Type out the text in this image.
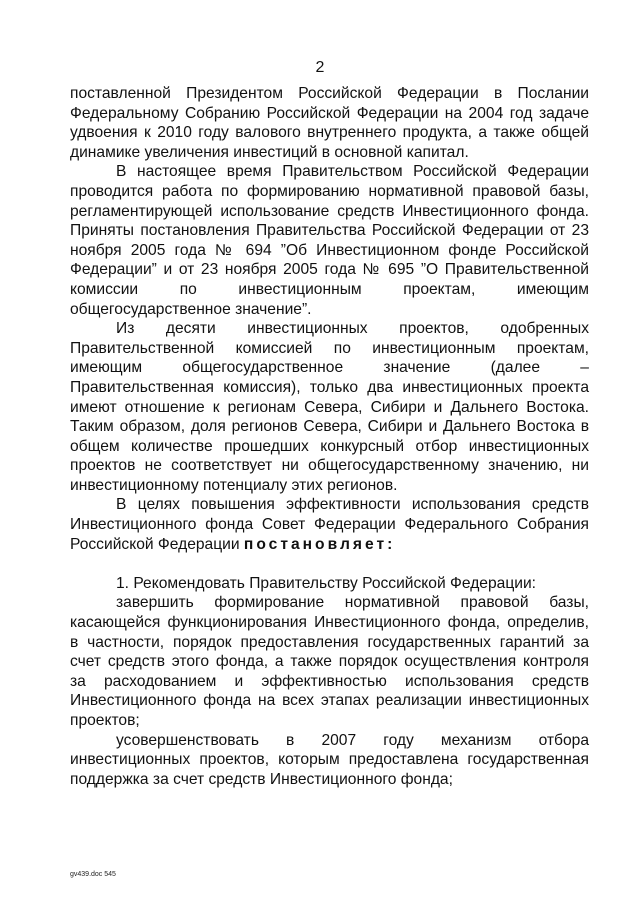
2

поставленной Президентом Российской Федерации в Послании Федеральному Собранию Российской Федерации на 2004 год задаче удвоения к 2010 году валового внутреннего продукта, а также общей динамике увеличения инвестиций в основной капитал.

В настоящее время Правительством Российской Федерации проводится работа по формированию нормативной правовой базы, регламентирующей использование средств Инвестиционного фонда. Приняты постановления Правительства Российской Федерации от 23 ноября 2005 года № 694 ”Об Инвестиционном фонде Российской Федерации” и от 23 ноября 2005 года № 695 ”О Правительственной комиссии по инвестиционным проектам, имеющим общегосударственное значение”.

Из десяти инвестиционных проектов, одобренных Правительственной комиссией по инвестиционным проектам, имеющим общегосударственное значение (далее – Правительственная комиссия), только два инвестиционных проекта имеют отношение к регионам Севера, Сибири и Дальнего Востока. Таким образом, доля регионов Севера, Сибири и Дальнего Востока в общем количестве прошедших конкурсный отбор инвестиционных проектов не соответствует ни общегосударственному значению, ни инвестиционному потенциалу этих регионов.

В целях повышения эффективности использования средств Инвестиционного фонда Совет Федерации Федерального Собрания Российской Федерации постановляет:

1. Рекомендовать Правительству Российской Федерации:

завершить формирование нормативной правовой базы, касающейся функционирования Инвестиционного фонда, определив, в частности, порядок предоставления государственных гарантий за счет средств этого фонда, а также порядок осуществления контроля за расходованием и эффективностью использования средств Инвестиционного фонда на всех этапах реализации инвестиционных проектов;

усовершенствовать в 2007 году механизм отбора инвестиционных проектов, которым предоставлена государственная поддержка за счет средств Инвестиционного фонда;

gv439.doc 545
